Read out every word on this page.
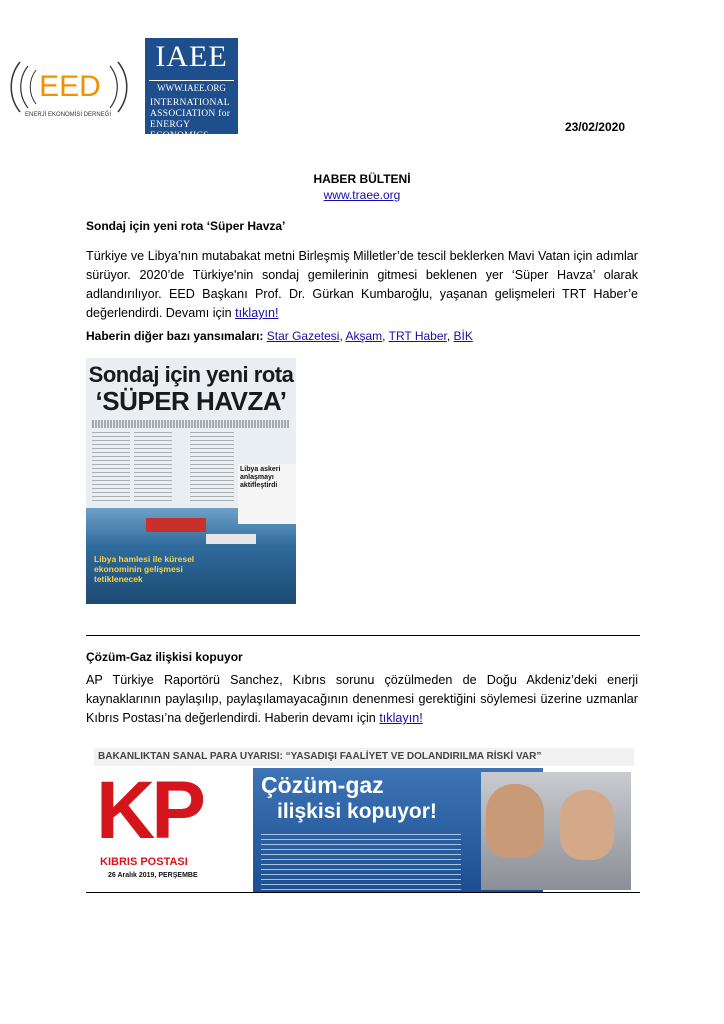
EED
ENERJİ EKONOMİSİ DERNEĞİ
IAEE
WWW.IAEE.ORG
INTERNATIONAL
ASSOCIATION for
ENERGY ECONOMICS
23/02/2020
HABER BÜLTENİ
www.traee.org
Sondaj için yeni rota ‘Süper Havza’
Türkiye ve Libya’nın mutabakat metni Birleşmiş Milletler’de tescil beklerken Mavi Vatan için adımlar sürüyor. 2020’de Türkiye'nin sondaj gemilerinin gitmesi beklenen yer ‘Süper Havza’ olarak adlandırılıyor. EED Başkanı Prof. Dr. Gürkan Kumbaroğlu, yaşanan gelişmeleri TRT Haber’e değerlendirdi. Devamı için tıklayın!
Haberin diğer bazı yansımaları: Star Gazetesi, Akşam, TRT Haber, BİK
Sondaj için yeni rota
‘SÜPER HAVZA’
Libya hamlesi ile küresel ekonominin gelişmesi tetiklenecek
Libya askeri anlaşmayı aktifleştirdi
Çözüm-Gaz ilişkisi kopuyor
AP Türkiye Raportörü Sanchez, Kıbrıs sorunu çözülmeden de Doğu Akdeniz’deki enerji kaynaklarının paylaşılıp, paylaşılamayacağının denenmesi gerektiğini söylemesi üzerine uzmanlar Kıbrıs Postası’na değerlendirdi. Haberin devamı için tıklayın!
BAKANLIKTAN SANAL PARA UYARISI: “YASADIŞI FAALİYET VE DOLANDIRILMA RİSKİ VAR”
KP
KIBRIS POSTASI
26 Aralık 2019, PERŞEMBE
Çözüm-gaz
ilişkisi kopuyor!
